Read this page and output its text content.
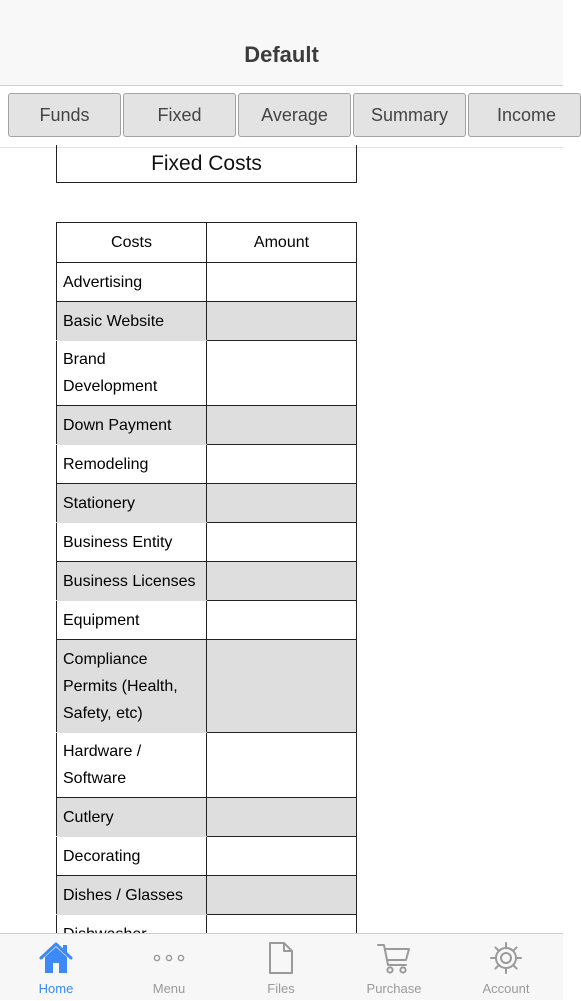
Default
Funds	Fixed	Average	Summary	Income
Fixed Costs
Costs	Amount
Advertising	
Basic Website	
Brand Development	
Down Payment	
Remodeling	
Stationery	
Business Entity	
Business Licenses	
Equipment	
Compliance Permits (Health, Safety, etc)	
Hardware / Software	
Cutlery	
Decorating	
Dishes / Glasses	

Home	Menu	Files	Purchase	Account
